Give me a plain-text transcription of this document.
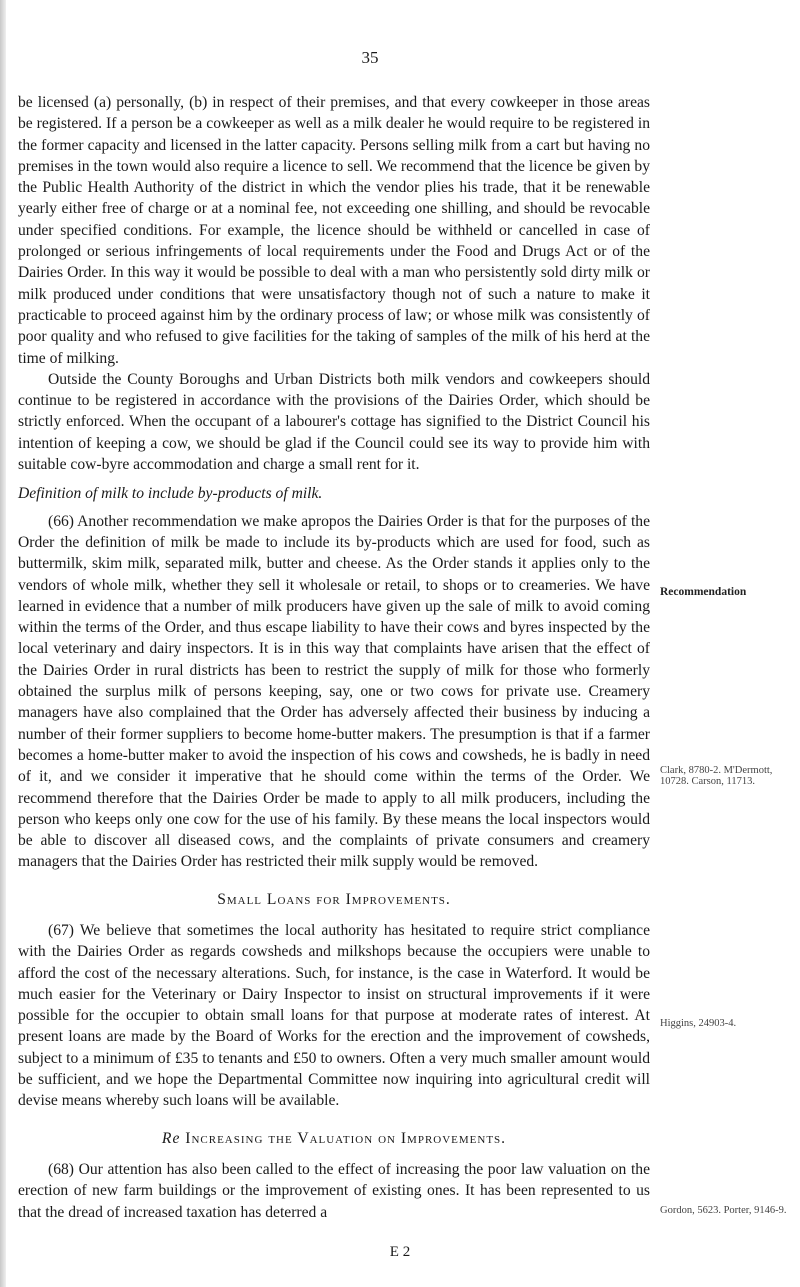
35

be licensed (a) personally, (b) in respect of their premises, and that every cowkeeper in those areas be registered. If a person be a cowkeeper as well as a milk dealer he would require to be registered in the former capacity and licensed in the latter capacity. Persons selling milk from a cart but having no premises in the town would also require a licence to sell. We recommend that the licence be given by the Public Health Authority of the district in which the vendor plies his trade, that it be renewable yearly either free of charge or at a nominal fee, not exceeding one shilling, and should be revocable under specified conditions. For example, the licence should be withheld or cancelled in case of prolonged or serious infringements of local requirements under the Food and Drugs Act or of the Dairies Order. In this way it would be possible to deal with a man who persistently sold dirty milk or milk produced under conditions that were unsatisfactory though not of such a nature to make it practicable to proceed against him by the ordinary process of law; or whose milk was consistently of poor quality and who refused to give facilities for the taking of samples of the milk of his herd at the time of milking.

Outside the County Boroughs and Urban Districts both milk vendors and cowkeepers should continue to be registered in accordance with the provisions of the Dairies Order, which should be strictly enforced. When the occupant of a labourer's cottage has signified to the District Council his intention of keeping a cow, we should be glad if the Council could see its way to provide him with suitable cow-byre accommodation and charge a small rent for it.

Definition of milk to include by-products of milk.

(66) Another recommendation we make apropos the Dairies Order is that for the purposes of the Order the definition of milk be made to include its by-products which are used for food, such as buttermilk, skim milk, separated milk, butter and cheese. As the Order stands it applies only to the vendors of whole milk, whether they sell it wholesale or retail, to shops or to creameries. We have learned in evidence that a number of milk producers have given up the sale of milk to avoid coming within the terms of the Order, and thus escape liability to have their cows and byres inspected by the local veterinary and dairy inspectors. It is in this way that complaints have arisen that the effect of the Dairies Order in rural districts has been to restrict the supply of milk for those who formerly obtained the surplus milk of persons keeping, say, one or two cows for private use. Creamery managers have also complained that the Order has adversely affected their business by inducing a number of their former suppliers to become home-butter makers. The presumption is that if a farmer becomes a home-butter maker to avoid the inspection of his cows and cowsheds, he is badly in need of it, and we consider it imperative that he should come within the terms of the Order. We recommend therefore that the Dairies Order be made to apply to all milk producers, including the person who keeps only one cow for the use of his family. By these means the local inspectors would be able to discover all diseased cows, and the complaints of private consumers and creamery managers that the Dairies Order has restricted their milk supply would be removed.

Small Loans for Improvements.

(67) We believe that sometimes the local authority has hesitated to require strict compliance with the Dairies Order as regards cowsheds and milkshops because the occupiers were unable to afford the cost of the necessary alterations. Such, for instance, is the case in Waterford. It would be much easier for the Veterinary or Dairy Inspector to insist on structural improvements if it were possible for the occupier to obtain small loans for that purpose at moderate rates of interest. At present loans are made by the Board of Works for the erection and the improvement of cowsheds, subject to a minimum of £35 to tenants and £50 to owners. Often a very much smaller amount would be sufficient, and we hope the Departmental Committee now inquiring into agricultural credit will devise means whereby such loans will be available.

Re Increasing the Valuation on Improvements.

(68) Our attention has also been called to the effect of increasing the poor law valuation on the erection of new farm buildings or the improvement of existing ones. It has been represented to us that the dread of increased taxation has deterred a

Recommendation
Clark, 8780-2. M'Dermott, 10728. Carson, 11713.
Higgins, 24903-4.
Gordon, 5623. Porter, 9146-9.
E 2
